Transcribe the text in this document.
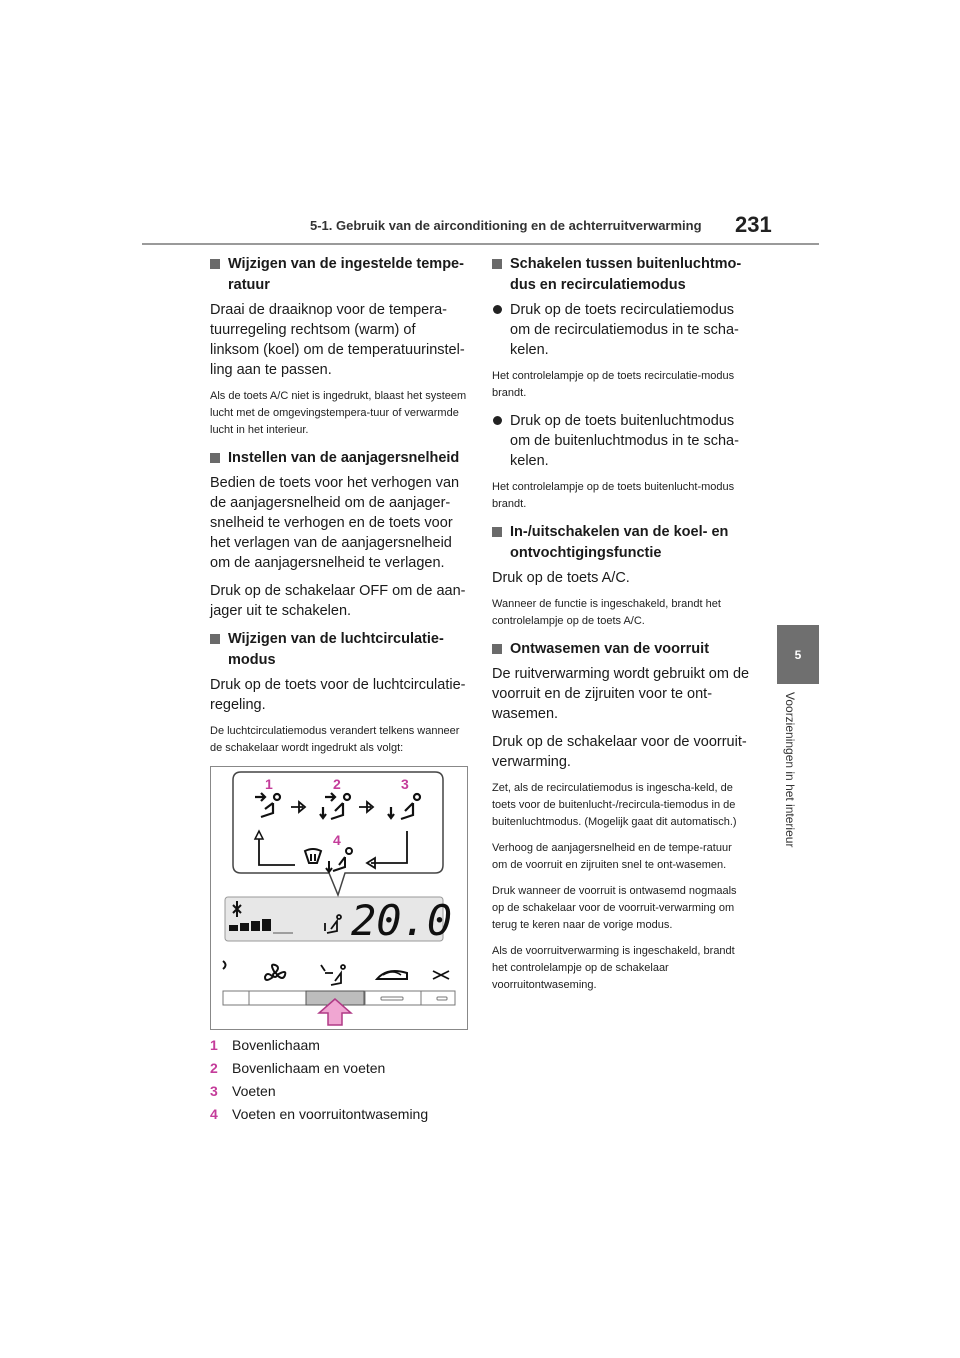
5-1. Gebruik van de airconditioning en de achterruitverwarming 231
5
Voorzieningen in het interieur
Wijzigen van de ingestelde tempe-ratuur
Draai de draaiknop voor de tempera-tuurregeling rechtsom (warm) of linksom (koel) om de temperatuurinstel-ling aan te passen.
Als de toets A/C niet is ingedrukt, blaast het systeem lucht met de omgevingstempera-tuur of verwarmde lucht in het interieur.
Instellen van de aanjagersnelheid
Bedien de toets voor het verhogen van de aanjagersnelheid om de aanjager-snelheid te verhogen en de toets voor het verlagen van de aanjagersnelheid om de aanjagersnelheid te verlagen.
Druk op de schakelaar OFF om de aan-jager uit te schakelen.
Wijzigen van de luchtcirculatie-modus
Druk op de toets voor de luchtcirculatie-regeling.
De luchtcirculatiemodus verandert telkens wanneer de schakelaar wordt ingedrukt als volgt:
1	2	3
4
20.0
1 Bovenlichaam
2 Bovenlichaam en voeten
3 Voeten
4 Voeten en voorruitontwaseming
Schakelen tussen buitenluchtmo-dus en recirculatiemodus
Druk op de toets recirculatiemodus om de recirculatiemodus in te scha-kelen.
Het controlelampje op de toets recirculatie-modus brandt.
Druk op de toets buitenluchtmodus om de buitenluchtmodus in te scha-kelen.
Het controlelampje op de toets buitenlucht-modus brandt.
In-/uitschakelen van de koel- en ontvochtigingsfunctie
Druk op de toets A/C.
Wanneer de functie is ingeschakeld, brandt het controlelampje op de toets A/C.
Ontwasemen van de voorruit
De ruitverwarming wordt gebruikt om de voorruit en de zijruiten voor te ont-wasemen.
Druk op de schakelaar voor de voorruit-verwarming.
Zet, als de recirculatiemodus is ingescha-keld, de toets voor de buitenlucht-/recircula-tiemodus in de buitenluchtmodus. (Mogelijk gaat dit automatisch.)
Verhoog de aanjagersnelheid en de tempe-ratuur om de voorruit en zijruiten snel te ont-wasemen.
Druk wanneer de voorruit is ontwasemd nogmaals op de schakelaar voor de voorruit-verwarming om terug te keren naar de vorige modus.
Als de voorruitverwarming is ingeschakeld, brandt het controlelampje op de schakelaar voorruitontwaseming.
